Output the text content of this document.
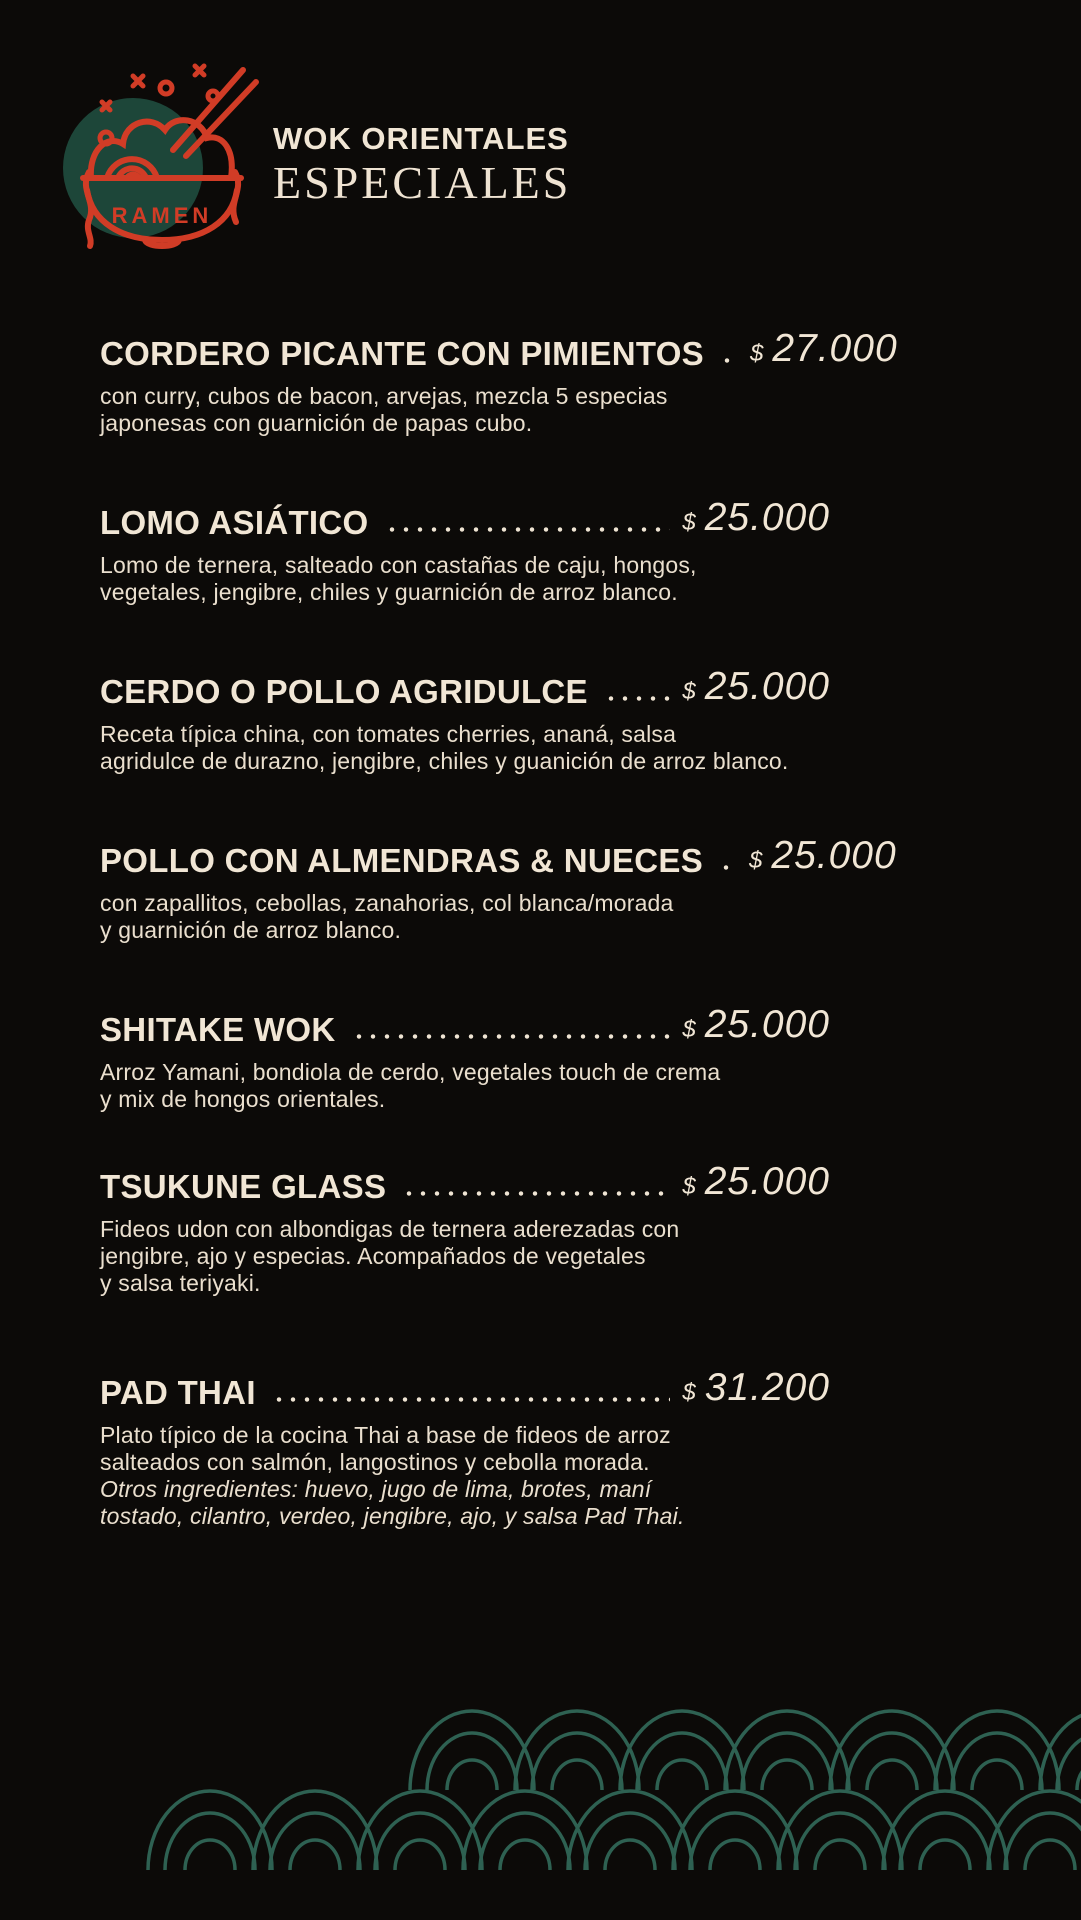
RAMEN
WOK ORIENTALES
ESPECIALES
CORDERO PICANTE CON PIMIENTOS $ 27.000

con curry, cubos de bacon, arvejas, mezcla 5 especias

japonesas con guarnición de papas cubo.

LOMO ASIÁTICO	$ 25.000

Lomo de ternera, salteado con castañas de caju, hongos,

vegetales, jengibre, chiles y guarnición de arroz blanco.

CERDO O POLLO AGRIDULCE	$ 25.000

Receta típica china, con tomates cherries, ananá, salsa

agridulce de durazno, jengibre, chiles y guanición de arroz blanco.

POLLO CON ALMENDRAS & NUECES $ 25.000

con zapallitos, cebollas, zanahorias, col blanca/morada

y guarnición de arroz blanco.

SHITAKE WOK	$ 25.000

Arroz Yamani, bondiola de cerdo, vegetales touch de crema

y mix de hongos orientales.

TSUKUNE GLASS	$ 25.000

Fideos udon con albondigas de ternera aderezadas con

jengibre, ajo y especias. Acompañados de vegetales

y salsa teriyaki.

PAD THAI	$ 31.200

Plato típico de la cocina Thai a base de fideos de arroz

salteados con salmón, langostinos y cebolla morada.

Otros ingredientes: huevo, jugo de lima, brotes, maní

tostado, cilantro, verdeo, jengibre, ajo, y salsa Pad Thai.
